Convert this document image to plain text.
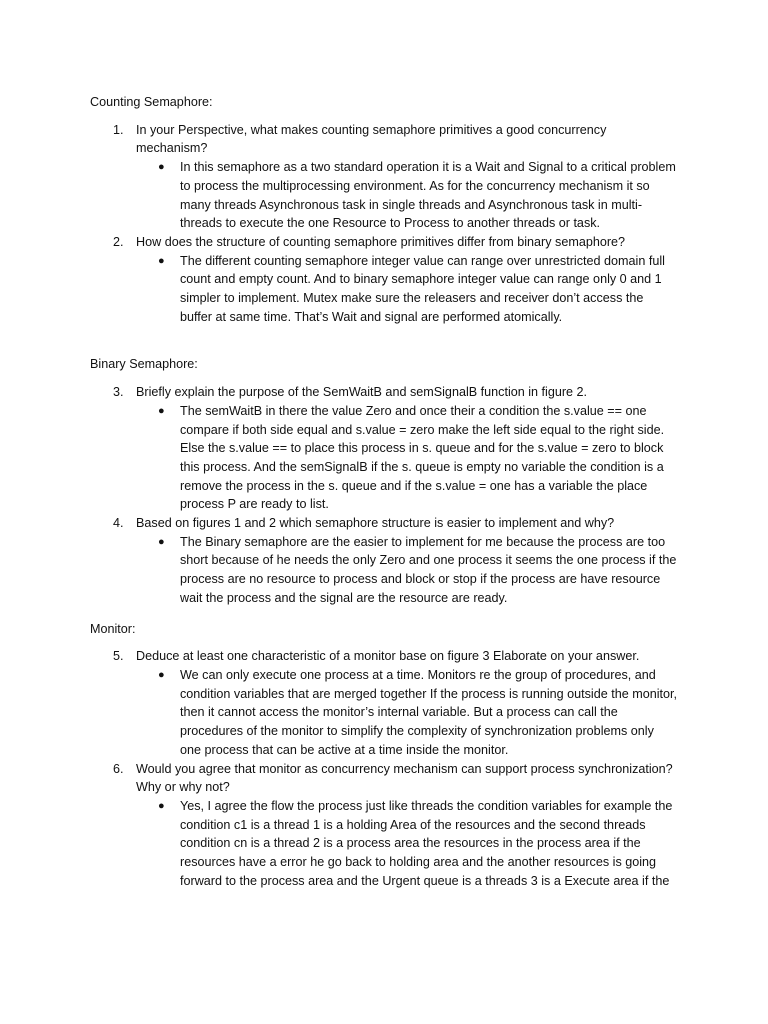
Counting Semaphore:
1. In your Perspective, what makes counting semaphore primitives a good concurrency mechanism?
● In this semaphore as a two standard operation it is a Wait and Signal to a critical problem to process the multiprocessing environment. As for the concurrency mechanism it so many threads Asynchronous task in single threads and Asynchronous task in multi-threads to execute the one Resource to Process to another threads or task.
2. How does the structure of counting semaphore primitives differ from binary semaphore?
● The different counting semaphore integer value can range over unrestricted domain full count and empty count. And to binary semaphore integer value can range only 0 and 1 simpler to implement. Mutex make sure the releasers and receiver don’t access the buffer at same time. That’s Wait and signal are performed atomically.
Binary Semaphore:
3. Briefly explain the purpose of the SemWaitB and semSignalB function in figure 2.
● The semWaitB in there the value Zero and once their a condition the s.value == one compare if both side equal and s.value = zero make the left side equal to the right side. Else the s.value == to place this process in s. queue and for the s.value = zero to block this process. And the semSignalB if the s. queue is empty no variable the condition is a remove the process in the s. queue and if the s.value = one has a variable the place process P are ready to list.
4. Based on figures 1 and 2 which semaphore structure is easier to implement and why?
● The Binary semaphore are the easier to implement for me because the process are too short because of he needs the only Zero and one process it seems the one process if the process are no resource to process and block or stop if the process are have resource wait the process and the signal are the resource are ready.
Monitor:
5. Deduce at least one characteristic of a monitor base on figure 3 Elaborate on your answer.
● We can only execute one process at a time. Monitors re the group of procedures, and condition variables that are merged together If the process is running outside the monitor, then it cannot access the monitor’s internal variable. But a process can call the procedures of the monitor to simplify the complexity of synchronization problems only one process that can be active at a time inside the monitor.
6. Would you agree that monitor as concurrency mechanism can support process synchronization? Why or why not?
● Yes, I agree the flow the process just like threads the condition variables for example the condition c1 is a thread 1 is a holding Area of the resources and the second threads condition cn is a thread 2 is a process area the resources in the process area if the resources have a error he go back to holding area and the another resources is going forward to the process area and the Urgent queue is a threads 3 is a Execute area if the
